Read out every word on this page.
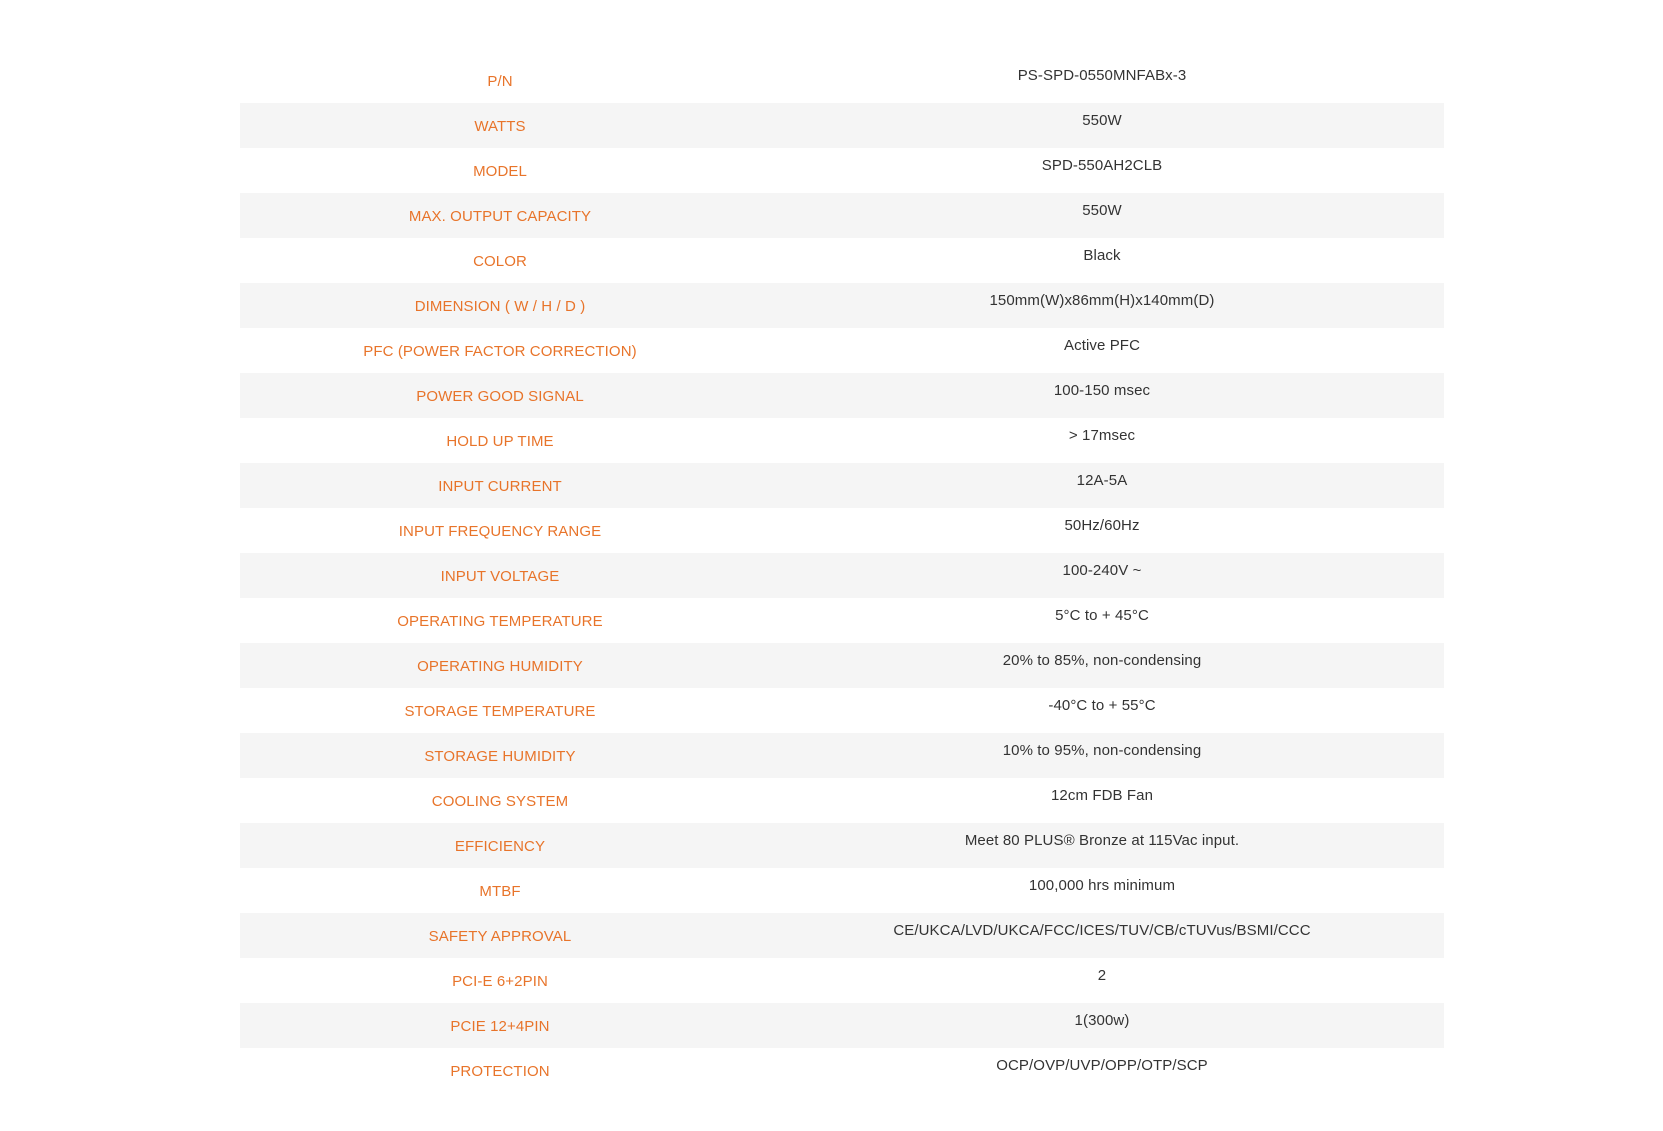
P/N	PS-SPD-0550MNFABx-3
WATTS	550W
MODEL	SPD-550AH2CLB
MAX. OUTPUT CAPACITY	550W
COLOR	Black
DIMENSION ( W / H / D )	150mm(W)x86mm(H)x140mm(D)
PFC (POWER FACTOR CORRECTION)	Active PFC
POWER GOOD SIGNAL	100-150 msec
HOLD UP TIME	> 17msec
INPUT CURRENT	12A-5A
INPUT FREQUENCY RANGE	50Hz/60Hz
INPUT VOLTAGE	100-240V ~
OPERATING TEMPERATURE	5°C to + 45°C
OPERATING HUMIDITY	20% to 85%, non-condensing
STORAGE TEMPERATURE	-40°C to + 55°C
STORAGE HUMIDITY	10% to 95%, non-condensing
COOLING SYSTEM	12cm FDB Fan
EFFICIENCY	Meet 80 PLUS® Bronze at 115Vac input.
MTBF	100,000 hrs minimum
SAFETY APPROVAL	CE/UKCA/LVD/UKCA/FCC/ICES/TUV/CB/cTUVus/BSMI/CCC
PCI-E 6+2PIN	2
PCIE 12+4PIN	1(300w)
PROTECTION	OCP/OVP/UVP/OPP/OTP/SCP
